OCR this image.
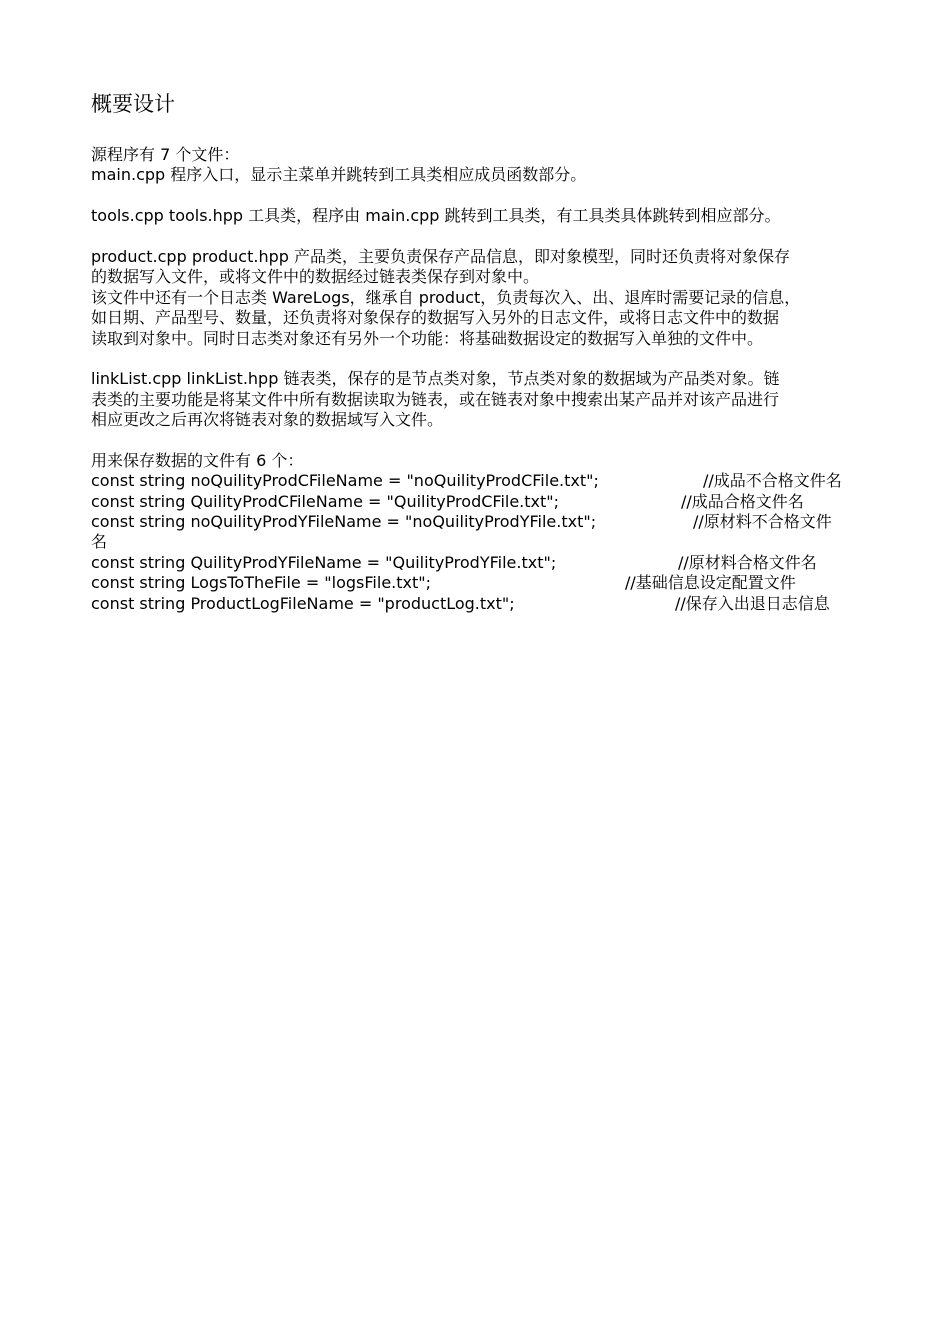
概要设计
源程序有 7 个文件：
main.cpp 程序入口，显示主菜单并跳转到工具类相应成员函数部分。
tools.cpp tools.hpp 工具类，程序由 main.cpp 跳转到工具类，有工具类具体跳转到相应部分。
product.cpp product.hpp 产品类，主要负责保存产品信息，即对象模型，同时还负责将对象保存
的数据写入文件，或将文件中的数据经过链表类保存到对象中。
该文件中还有一个日志类 WareLogs，继承自 product，负责每次入、出、退库时需要记录的信息，
如日期、产品型号、数量，还负责将对象保存的数据写入另外的日志文件，或将日志文件中的数据
读取到对象中。同时日志类对象还有另外一个功能：将基础数据设定的数据写入单独的文件中。
linkList.cpp linkList.hpp 链表类，保存的是节点类对象，节点类对象的数据域为产品类对象。链
表类的主要功能是将某文件中所有数据读取为链表，或在链表对象中搜索出某产品并对该产品进行
相应更改之后再次将链表对象的数据域写入文件。
用来保存数据的文件有 6 个：
const string noQuilityProdCFileName = "noQuilityProdCFile.txt";	//成品不合格文件名
const string QuilityProdCFileName = "QuilityProdCFile.txt";	//成品合格文件名
const string noQuilityProdYFileName = "noQuilityProdYFile.txt";	//原材料不合格文件
名
const string QuilityProdYFileName = "QuilityProdYFile.txt";	//原材料合格文件名
const string LogsToTheFile = "logsFile.txt";	//基础信息设定配置文件
const string ProductLogFileName = "productLog.txt";	//保存入出退日志信息
